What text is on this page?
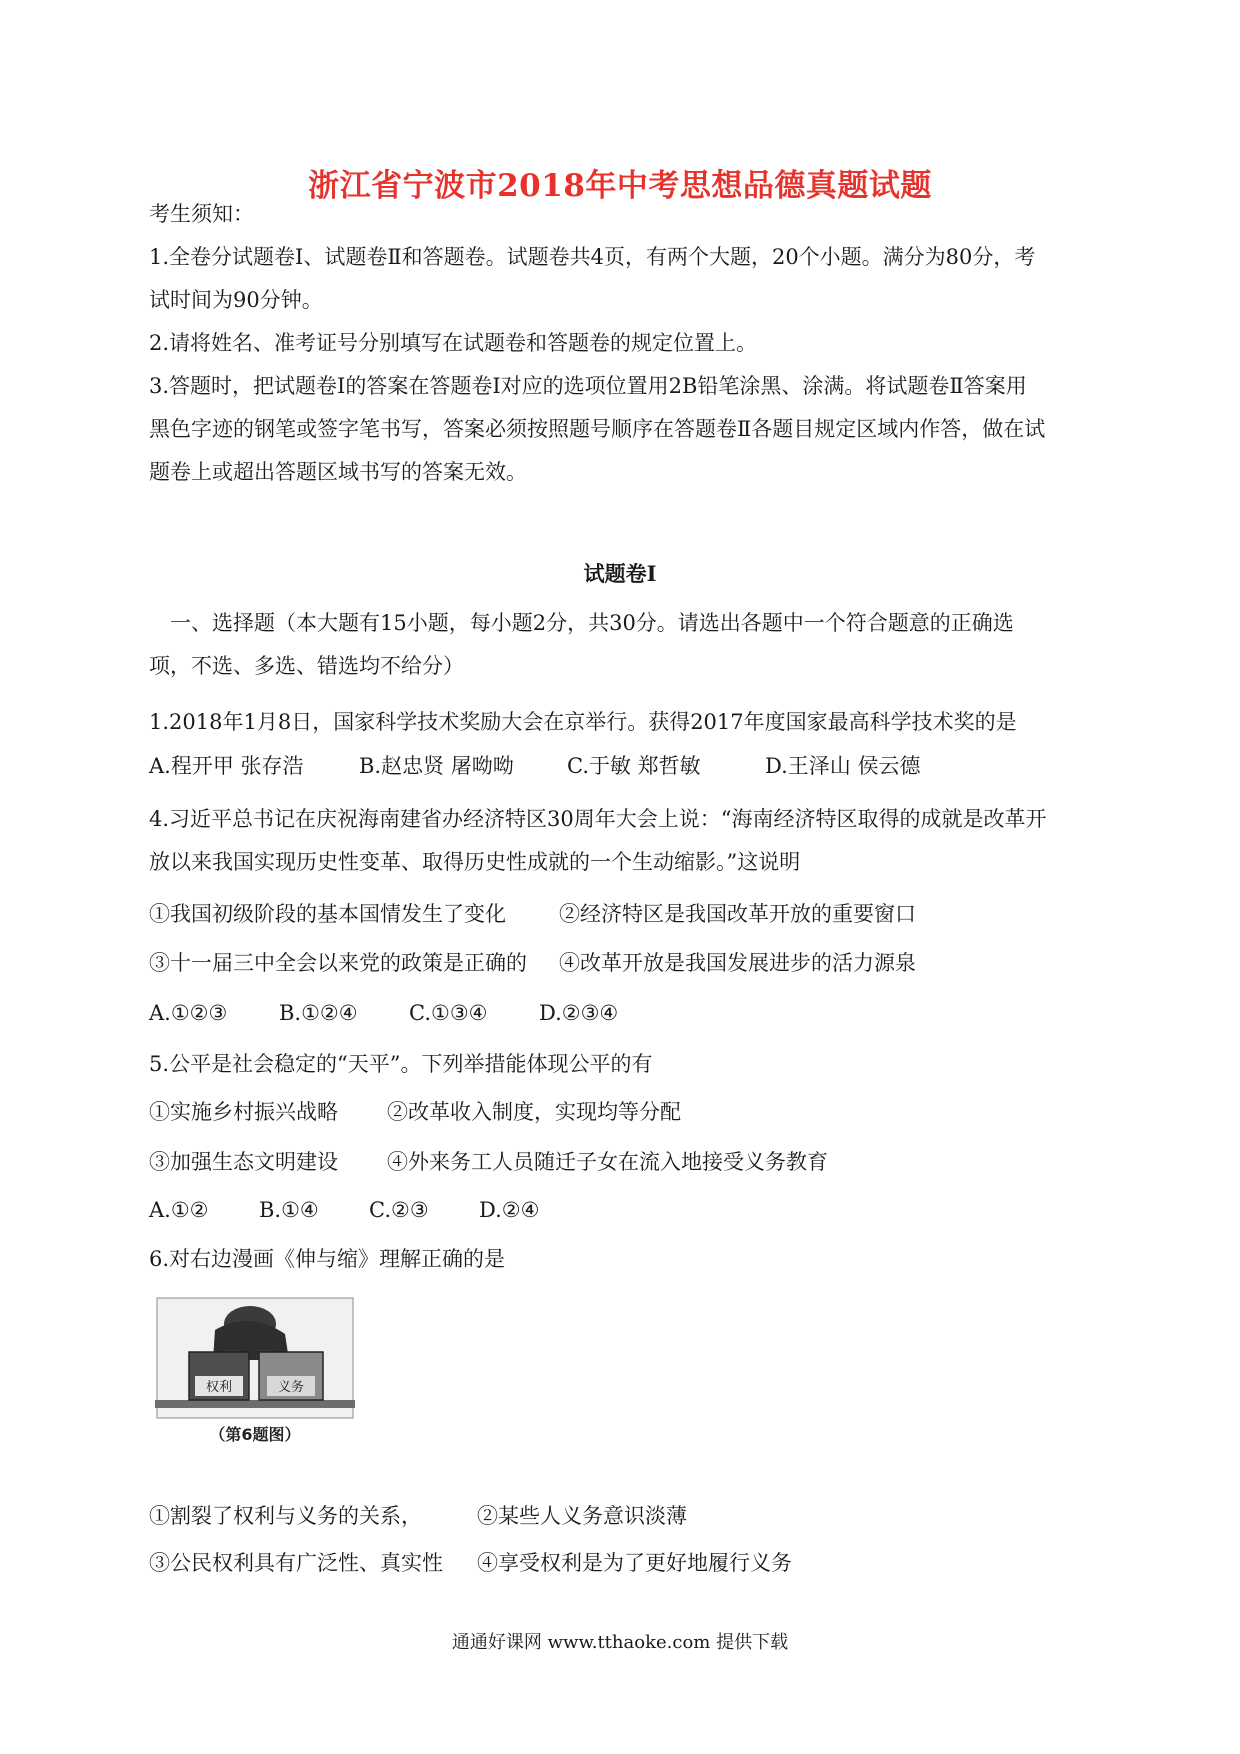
浙江省宁波市2018年中考思想品德真题试题
考生须知：
1.全卷分试题卷Ⅰ、试题卷Ⅱ和答题卷。试题卷共4页，有两个大题，20个小题。满分为80分，考
试时间为90分钟。
2.请将姓名、准考证号分别填写在试题卷和答题卷的规定位置上。
3.答题时，把试题卷Ⅰ的答案在答题卷Ⅰ对应的选项位置用2B铅笔涂黑、涂满。将试题卷Ⅱ答案用
黑色字迹的钢笔或签字笔书写，答案必须按照题号顺序在答题卷Ⅱ各题目规定区域内作答，做在试
题卷上或超出答题区域书写的答案无效。
试题卷Ⅰ
一、选择题（本大题有15小题，每小题2分，共30分。请选出各题中一个符合题意的正确选
项，不选、多选、错选均不给分）
1.2018年1月8日，国家科学技术奖励大会在京举行。获得2017年度国家最高科学技术奖的是
A.程开甲 张存浩	B.赵忠贤 屠呦呦	C.于敏 郑哲敏	D.王泽山 侯云德
4.习近平总书记在庆祝海南建省办经济特区30周年大会上说：“海南经济特区取得的成就是改革开
放以来我国实现历史性变革、取得历史性成就的一个生动缩影。”这说明
①我国初级阶段的基本国情发生了变化	②经济特区是我国改革开放的重要窗口
③十一届三中全会以来党的政策是正确的 ④改革开放是我国发展进步的活力源泉
A.①②③ B.①②④ C.①③④ D.②③④
5.公平是社会稳定的“天平”。下列举措能体现公平的有
①实施乡村振兴战略 ②改革收入制度，实现均等分配
③加强生态文明建设 ④外来务工人员随迁子女在流入地接受义务教育
A.①② B.①④ C.②③ D.②④
6.对右边漫画《伸与缩》理解正确的是
权利	义务
（第6题图）
①割裂了权利与义务的关系，	②某些人义务意识淡薄
③公民权利具有广泛性、真实性 ④享受权利是为了更好地履行义务
通通好课网 www.tthaoke.com 提供下载
